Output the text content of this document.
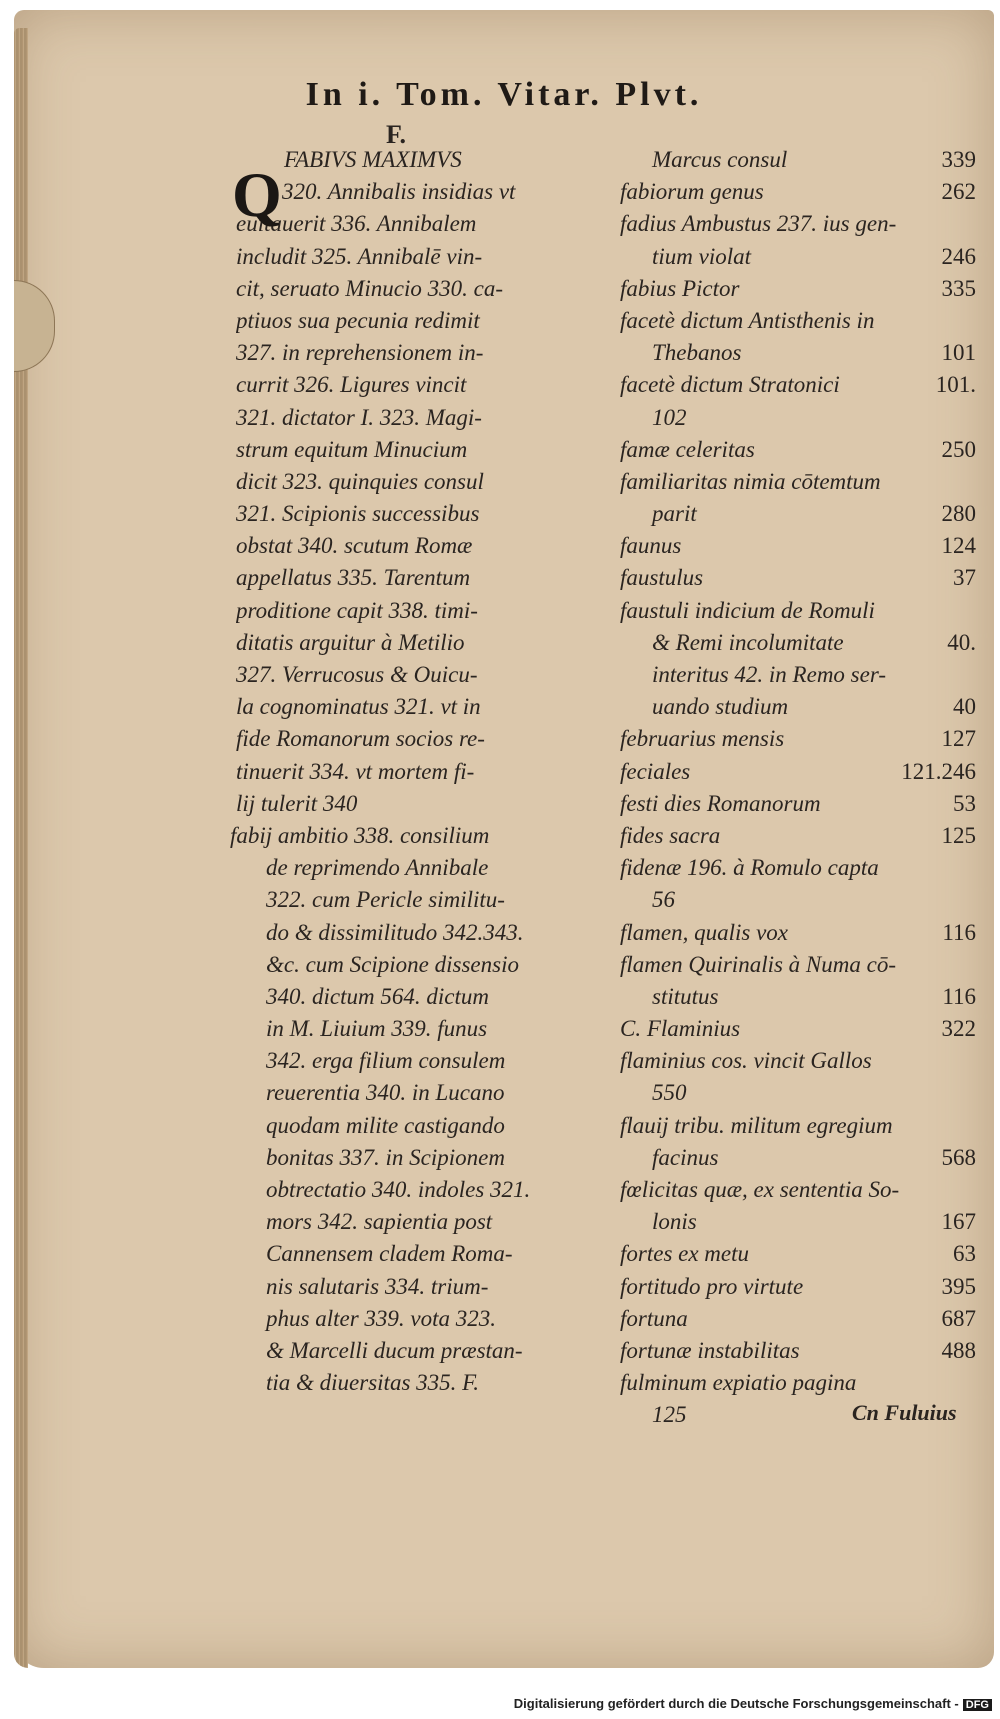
In i. Tom. Vitar. Plvt.
F.
Q FABIVS MAXIMVS
320. Annibalis insidias vt
euitauerit 336. Annibalem
includit 325. Annibalē vin-
cit, seruato Minucio 330. ca-
ptiuos sua pecunia redimit
327. in reprehensionem in-
currit 326. Ligures vincit
321. dictator I. 323. Magi-
strum equitum Minucium
dicit 323. quinquies consul
321. Scipionis successibus
obstat 340. scutum Romæ
appellatus 335. Tarentum
proditione capit 338. timi-
ditatis arguitur à Metilio
327. Verrucosus & Ouicu-
la cognominatus 321. vt in
fide Romanorum socios re-
tinuerit 334. vt mortem fi-
lij tulerit 340
fabij ambitio 338. consilium
de reprimendo Annibale
322. cum Pericle similitu-
do & dissimilitudo 342.343.
&c. cum Scipione dissensio
340. dictum 564. dictum
in M. Liuium 339. funus
342. erga filium consulem
reuerentia 340. in Lucano
quodam milite castigando
bonitas 337. in Scipionem
obtrectatio 340. indoles 321.
mors 342. sapientia post
Cannensem cladem Roma-
nis salutaris 334. trium-
phus alter 339. vota 323.
& Marcelli ducum præstan-
tia & diuersitas 335. F.
Marcus consul	339
fabiorum genus	262
fadius Ambustus 237. ius gen-
tium violat	246
fabius Pictor	335
facetè dictum Antisthenis in
Thebanos	101
facetè dictum Stratonici	101.
102
famæ celeritas	250
familiaritas nimia cōtemtum
parit	280
faunus	124
faustulus	37
faustuli indicium de Romuli
& Remi incolumitate	40.
interitus 42. in Remo ser-
uando studium	40
februarius mensis	127
feciales	121.246
festi dies Romanorum	53
fides sacra	125
fidenæ 196. à Romulo capta
56
flamen, qualis vox	116
flamen Quirinalis à Numa cō-
stitutus	116
C. Flaminius	322
flaminius cos. vincit Gallos
550
flauij tribu. militum egregium
facinus	568
fœlicitas quæ, ex sententia So-
lonis	167
fortes ex metu	63
fortitudo pro virtute	395
fortuna	687
fortunæ instabilitas	488
fulminum expiatio pagina
125	Cn Fuluius
Digitalisierung gefördert durch die Deutsche Forschungsgemeinschaft - DFG
